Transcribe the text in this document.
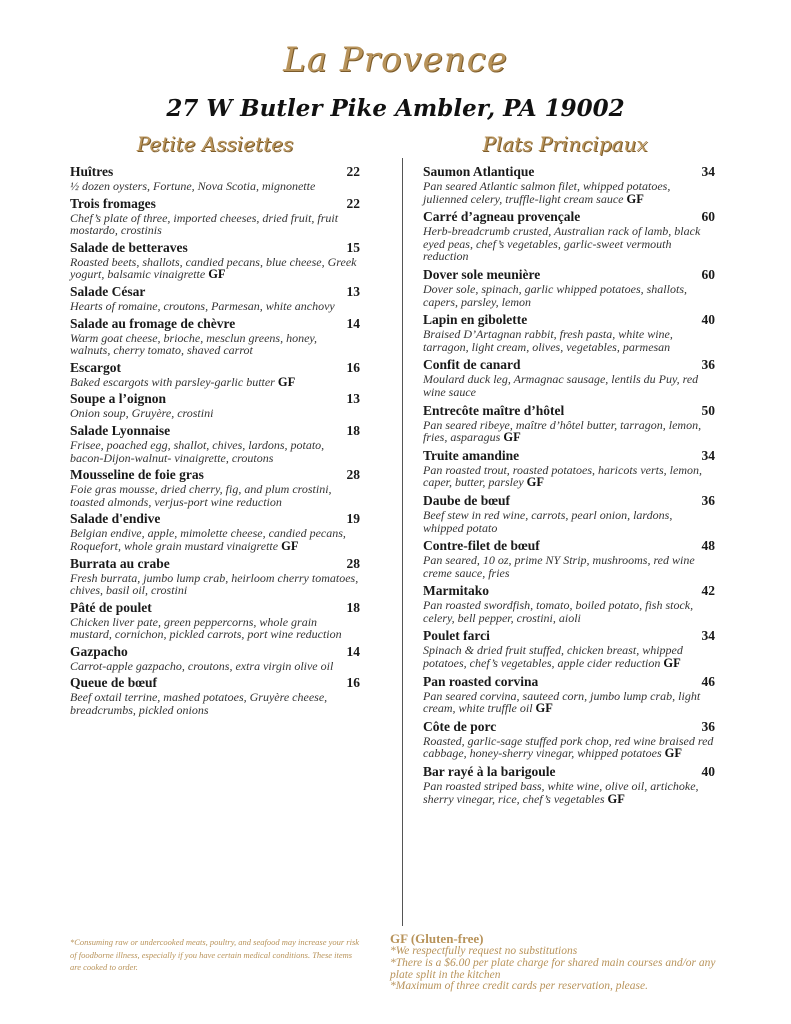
La Provence
27 W Butler Pike Ambler, PA 19002
Petite Assiettes	Plats Principaux
Huîtres	22
½ dozen oysters, Fortune, Nova Scotia, mignonette
Trois fromages	22
Chef’s plate of three, imported cheeses, dried fruit, fruit mostardo, crostinis
Salade de betteraves	15
Roasted beets, shallots, candied pecans, blue cheese, Greek yogurt, balsamic vinaigrette GF
Salade César	13
Hearts of romaine, croutons, Parmesan, white anchovy
Salade au fromage de chèvre	14
Warm goat cheese, brioche, mesclun greens, honey, walnuts, cherry tomato, shaved carrot
Escargot	16
Baked escargots with parsley-garlic butter GF
Soupe a l’oignon	13
Onion soup, Gruyère, crostini
Salade Lyonnaise	18
Frisee, poached egg, shallot, chives, lardons, potato, bacon-Dijon-walnut- vinaigrette, croutons
Mousseline de foie gras	28
Foie gras mousse, dried cherry, fig, and plum crostini, toasted almonds, verjus-port wine reduction
Salade d'endive	19
Belgian endive, apple, mimolette cheese, candied pecans, Roquefort, whole grain mustard vinaigrette GF
Burrata au crabe	28
Fresh burrata, jumbo lump crab, heirloom cherry tomatoes, chives, basil oil, crostini
Pâté de poulet	18
Chicken liver pate, green peppercorns, whole grain mustard, cornichon, pickled carrots, port wine reduction
Gazpacho	14
Carrot-apple gazpacho, croutons, extra virgin olive oil
Queue de bœuf	16
Beef oxtail terrine, mashed potatoes, Gruyère cheese, breadcrumbs, pickled onions
Saumon Atlantique	34
Pan seared Atlantic salmon filet, whipped potatoes, julienned celery, truffle-light cream sauce GF
Carré d’agneau provençale	60
Herb-breadcrumb crusted, Australian rack of lamb, black eyed peas, chef’s vegetables, garlic-sweet vermouth reduction
Dover sole meunière	60
Dover sole, spinach, garlic whipped potatoes, shallots, capers, parsley, lemon
Lapin en gibolette	40
Braised D’Artagnan rabbit, fresh pasta, white wine, tarragon, light cream, olives, vegetables, parmesan
Confit de canard	36
Moulard duck leg, Armagnac sausage, lentils du Puy, red wine sauce
Entrecôte maître d’hôtel	50
Pan seared ribeye, maître d’hôtel butter, tarragon, lemon, fries, asparagus GF
Truite amandine	34
Pan roasted trout, roasted potatoes, haricots verts, lemon, caper, butter, parsley GF
Daube de bœuf	36
Beef stew in red wine, carrots, pearl onion, lardons, whipped potato
Contre-filet de bœuf	48
Pan seared, 10 oz, prime NY Strip, mushrooms, red wine creme sauce, fries
Marmitako	42
Pan roasted swordfish, tomato, boiled potato, fish stock, celery, bell pepper, crostini, aioli
Poulet farci	34
Spinach & dried fruit stuffed, chicken breast, whipped potatoes, chef’s vegetables, apple cider reduction GF
Pan roasted corvina	46
Pan seared corvina, sauteed corn, jumbo lump crab, light cream, white truffle oil GF
Côte de porc	36
Roasted, garlic-sage stuffed pork chop, red wine braised red cabbage, honey-sherry vinegar, whipped potatoes GF
Bar rayé à la barigoule	40
Pan roasted striped bass, white wine, olive oil, artichoke, sherry vinegar, rice, chef’s vegetables GF
*Consuming raw or undercooked meats, poultry, and seafood may increase your risk of foodborne illness, especially if you have certain medical conditions. These items are cooked to order.
GF (Gluten-free)
*We respectfully request no substitutions
*There is a $6.00 per plate charge for shared main courses and/or any plate split in the kitchen
*Maximum of three credit cards per reservation, please.
